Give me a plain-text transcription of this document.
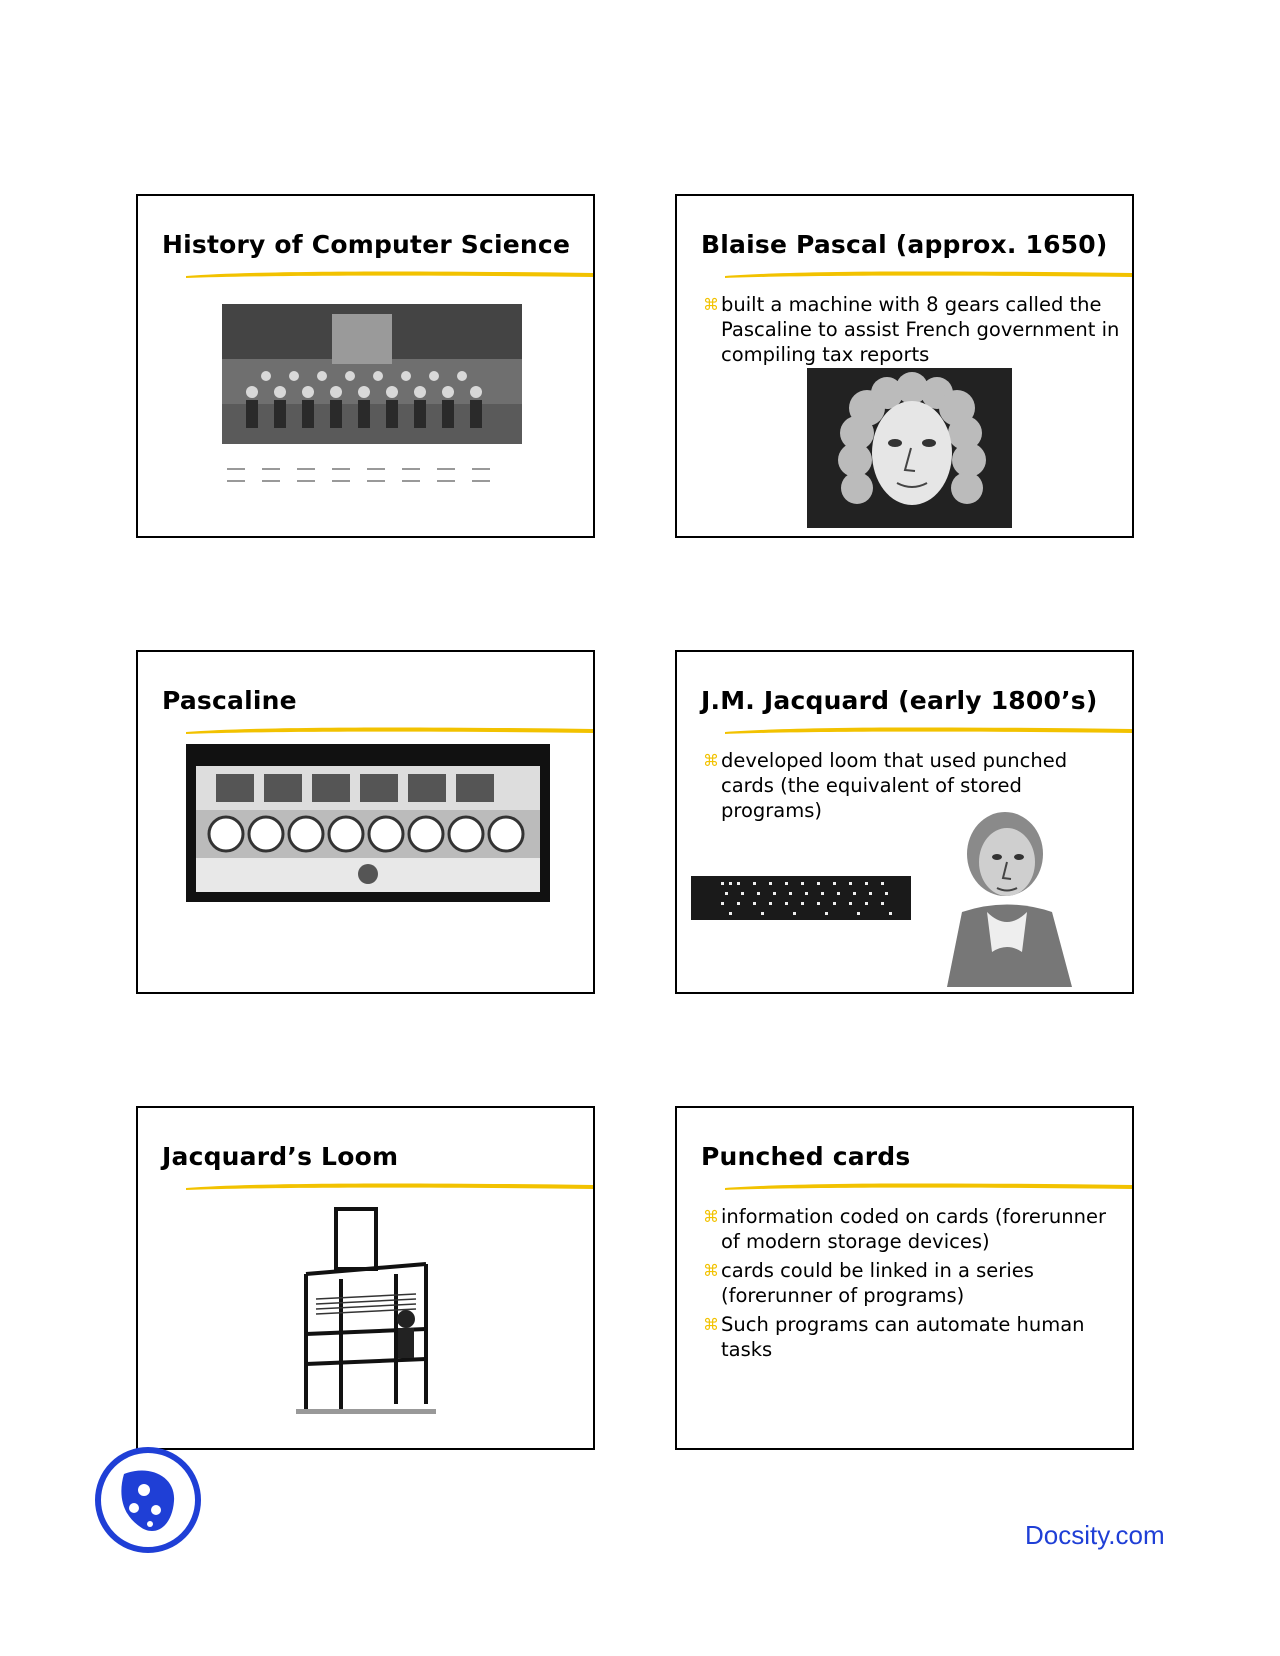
History of Computer Science	Blaise Pascal (approx. 1650)
⌘ built a machine with 8 gears called the Pascaline to assist French government in compiling tax reports
Pascaline	J.M. Jacquard (early 1800’s)
⌘ developed loom that used punched cards (the equivalent of stored programs)
Jacquard’s Loom	Punched cards
⌘ information coded on cards (forerunner of modern storage devices)
⌘ cards could be linked in a series (forerunner of programs)
⌘ Such programs can automate human tasks
Docsity.com
